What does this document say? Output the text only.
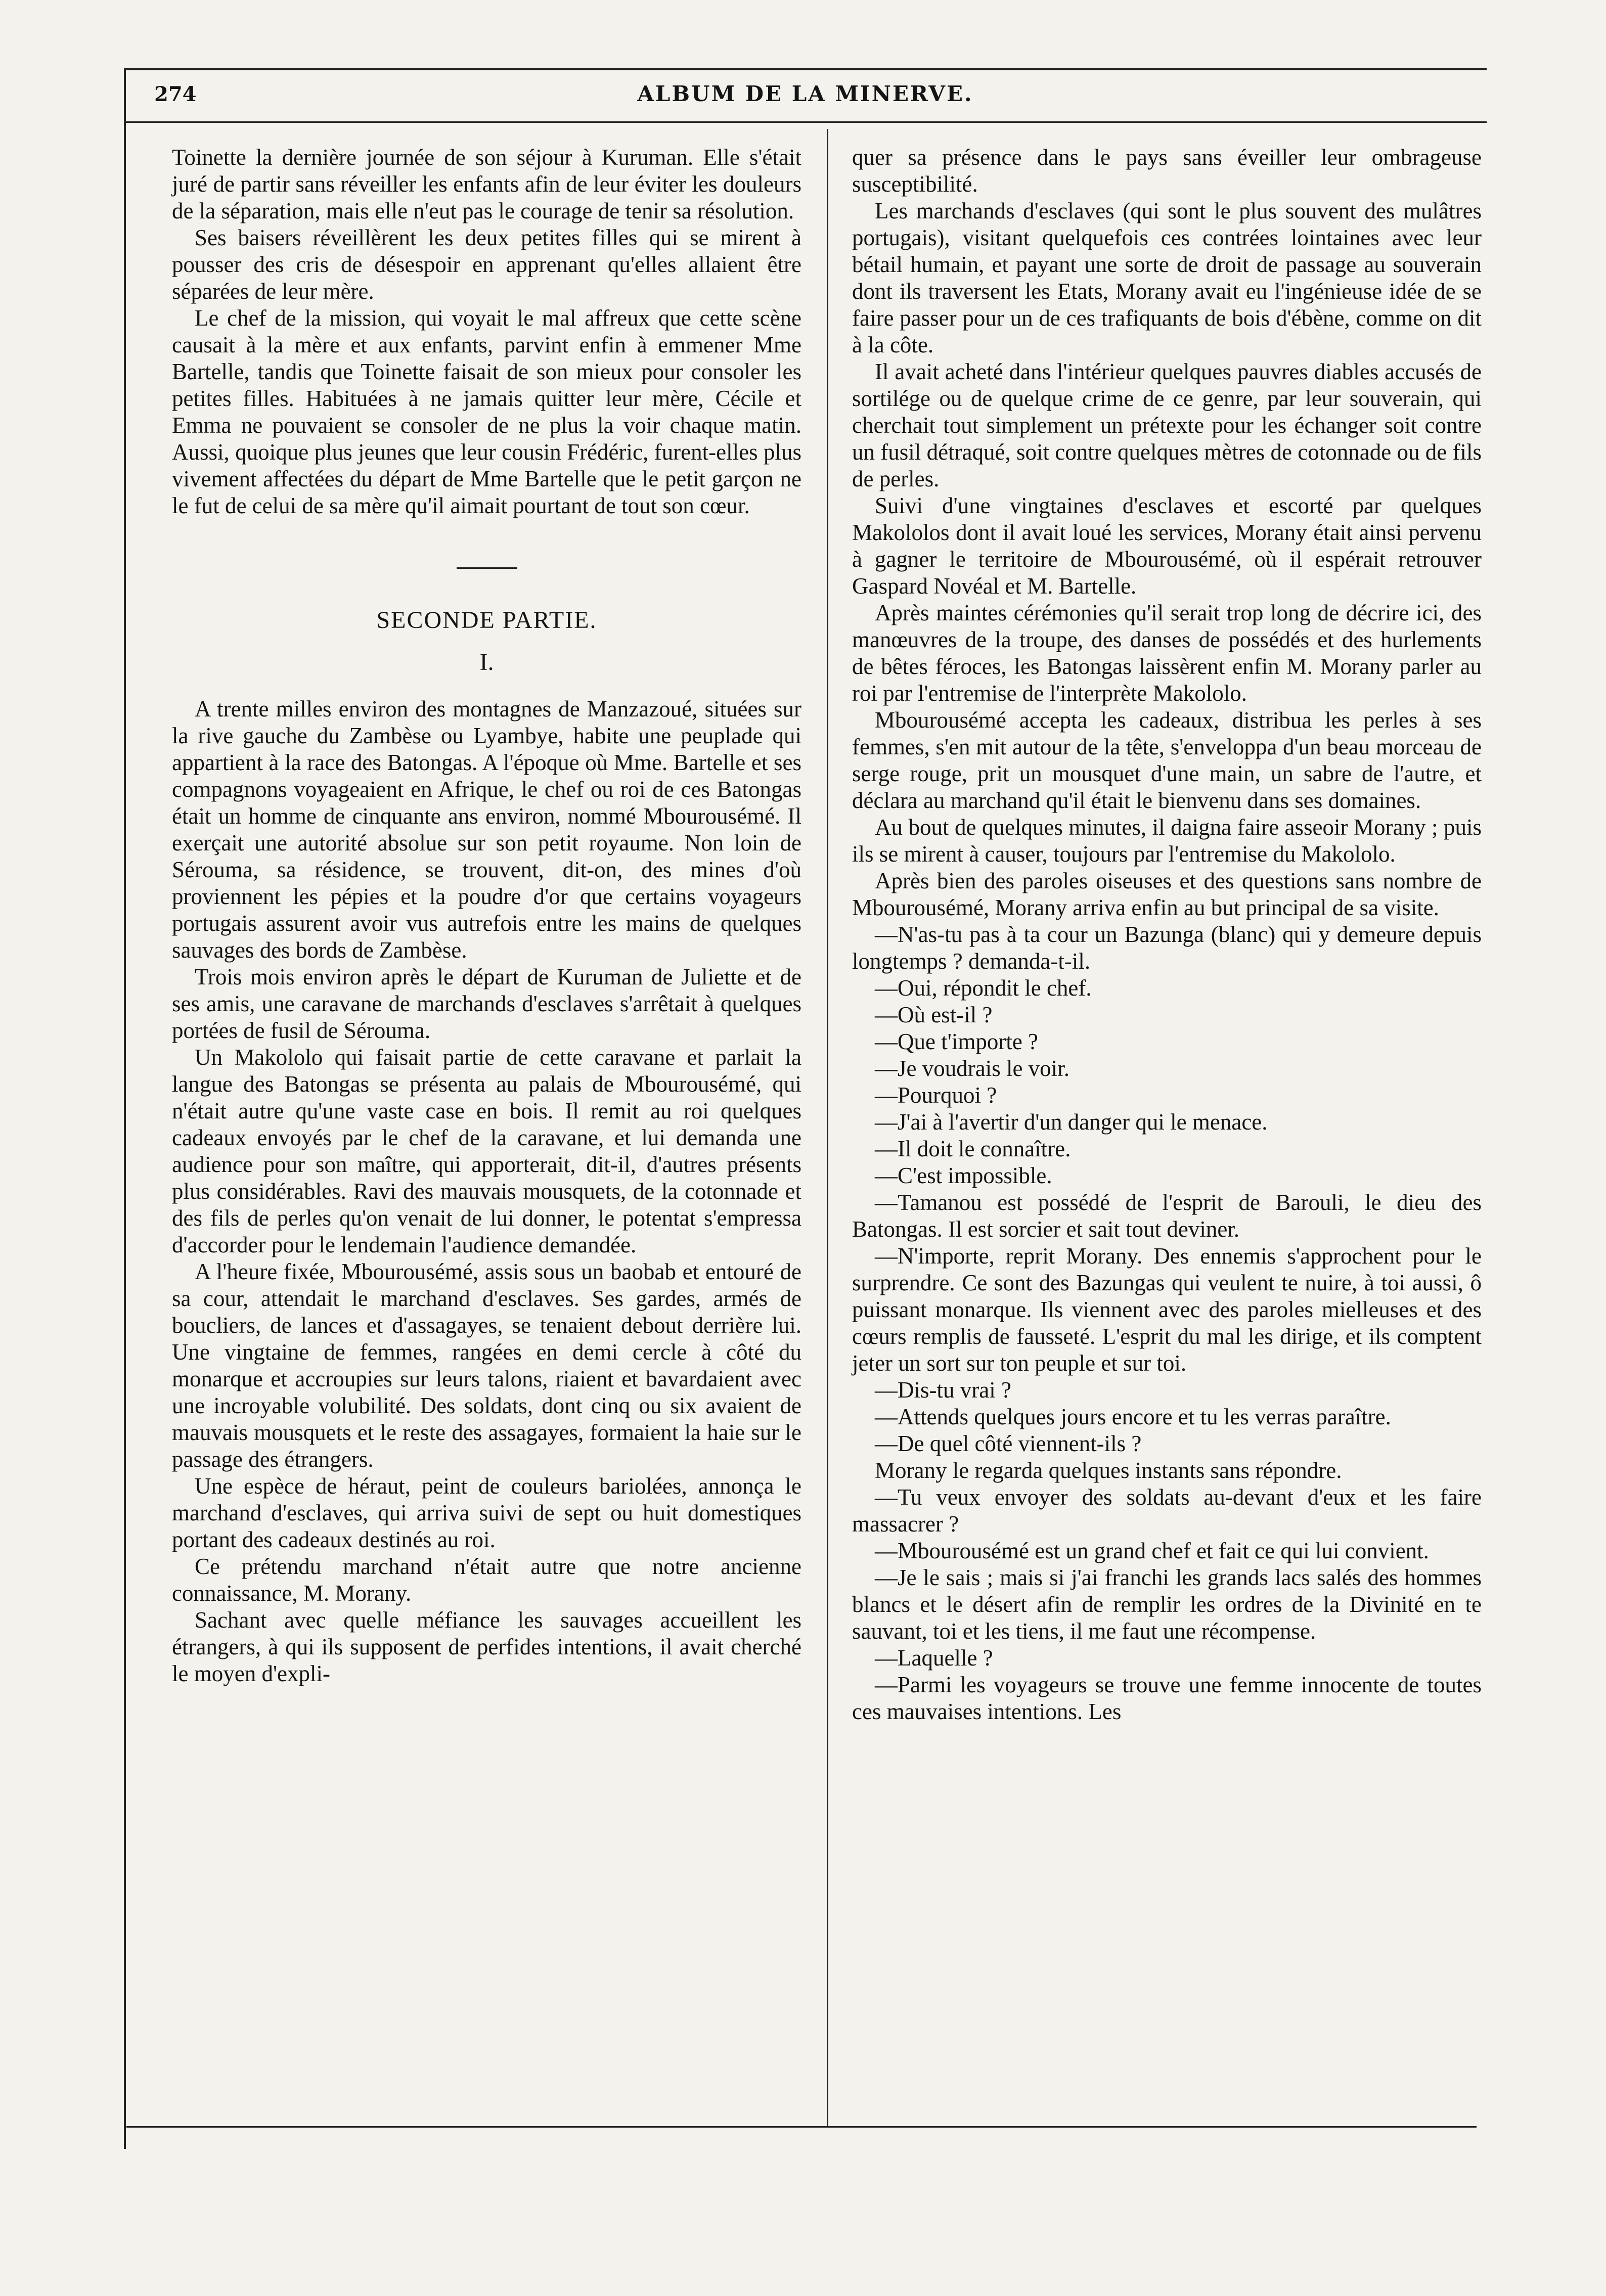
274	ALBUM DE LA MINERVE.

Toinette la dernière journée de son séjour à Kuruman. Elle s'était juré de partir sans réveiller les enfants afin de leur éviter les douleurs de la séparation, mais elle n'eut pas le courage de tenir sa résolution.

Ses baisers réveillèrent les deux petites filles qui se mirent à pousser des cris de désespoir en apprenant qu'elles allaient être séparées de leur mère.

Le chef de la mission, qui voyait le mal affreux que cette scène causait à la mère et aux enfants, parvint enfin à emmener Mme Bartelle, tandis que Toinette faisait de son mieux pour consoler les petites filles. Habituées à ne jamais quitter leur mère, Cécile et Emma ne pouvaient se consoler de ne plus la voir chaque matin. Aussi, quoique plus jeunes que leur cousin Frédéric, furent-elles plus vivement affectées du départ de Mme Bartelle que le petit garçon ne le fut de celui de sa mère qu'il aimait pourtant de tout son cœur.

SECONDE PARTIE.
I.

A trente milles environ des montagnes de Manzazoué, situées sur la rive gauche du Zambèse ou Lyambye, habite une peuplade qui appartient à la race des Batongas. A l'époque où Mme. Bartelle et ses compagnons voyageaient en Afrique, le chef ou roi de ces Batongas était un homme de cinquante ans environ, nommé Mbourousémé. Il exerçait une autorité absolue sur son petit royaume. Non loin de Sérouma, sa résidence, se trouvent, dit-on, des mines d'où proviennent les pépies et la poudre d'or que certains voyageurs portugais assurent avoir vus autrefois entre les mains de quelques sauvages des bords de Zambèse.

Trois mois environ après le départ de Kuruman de Juliette et de ses amis, une caravane de marchands d'esclaves s'arrêtait à quelques portées de fusil de Sérouma.

Un Makololo qui faisait partie de cette caravane et parlait la langue des Batongas se présenta au palais de Mbourousémé, qui n'était autre qu'une vaste case en bois. Il remit au roi quelques cadeaux envoyés par le chef de la caravane, et lui demanda une audience pour son maître, qui apporterait, dit-il, d'autres présents plus considérables. Ravi des mauvais mousquets, de la cotonnade et des fils de perles qu'on venait de lui donner, le potentat s'empressa d'accorder pour le lendemain l'audience demandée.

A l'heure fixée, Mbourousémé, assis sous un baobab et entouré de sa cour, attendait le marchand d'esclaves. Ses gardes, armés de boucliers, de lances et d'assagayes, se tenaient debout derrière lui. Une vingtaine de femmes, rangées en demi cercle à côté du monarque et accroupies sur leurs talons, riaient et bavardaient avec une incroyable volubilité. Des soldats, dont cinq ou six avaient de mauvais mousquets et le reste des assagayes, formaient la haie sur le passage des étrangers.

Une espèce de héraut, peint de couleurs bariolées, annonça le marchand d'esclaves, qui arriva suivi de sept ou huit domestiques portant des cadeaux destinés au roi.

Ce prétendu marchand n'était autre que notre ancienne connaissance, M. Morany.

Sachant avec quelle méfiance les sauvages accueillent les étrangers, à qui ils supposent de perfides intentions, il avait cherché le moyen d'expli-

quer sa présence dans le pays sans éveiller leur ombrageuse susceptibilité.

Les marchands d'esclaves (qui sont le plus souvent des mulâtres portugais), visitant quelquefois ces contrées lointaines avec leur bétail humain, et payant une sorte de droit de passage au souverain dont ils traversent les Etats, Morany avait eu l'ingénieuse idée de se faire passer pour un de ces trafiquants de bois d'ébène, comme on dit à la côte.

Il avait acheté dans l'intérieur quelques pauvres diables accusés de sortilége ou de quelque crime de ce genre, par leur souverain, qui cherchait tout simplement un prétexte pour les échanger soit contre un fusil détraqué, soit contre quelques mètres de cotonnade ou de fils de perles.

Suivi d'une vingtaines d'esclaves et escorté par quelques Makololos dont il avait loué les services, Morany était ainsi pervenu à gagner le territoire de Mbourousémé, où il espérait retrouver Gaspard Novéal et M. Bartelle.

Après maintes cérémonies qu'il serait trop long de décrire ici, des manœuvres de la troupe, des danses de possédés et des hurlements de bêtes féroces, les Batongas laissèrent enfin M. Morany parler au roi par l'entremise de l'interprète Makololo.

Mbourousémé accepta les cadeaux, distribua les perles à ses femmes, s'en mit autour de la tête, s'enveloppa d'un beau morceau de serge rouge, prit un mousquet d'une main, un sabre de l'autre, et déclara au marchand qu'il était le bienvenu dans ses domaines.

Au bout de quelques minutes, il daigna faire asseoir Morany ; puis ils se mirent à causer, toujours par l'entremise du Makololo.

Après bien des paroles oiseuses et des questions sans nombre de Mbourousémé, Morany arriva enfin au but principal de sa visite.

—N'as-tu pas à ta cour un Bazunga (blanc) qui y demeure depuis longtemps ? demanda-t-il.

—Oui, répondit le chef.

—Où est-il ?

—Que t'importe ?

—Je voudrais le voir.

—Pourquoi ?

—J'ai à l'avertir d'un danger qui le menace.

—Il doit le connaître.

—C'est impossible.

—Tamanou est possédé de l'esprit de Barouli, le dieu des Batongas. Il est sorcier et sait tout deviner.

—N'importe, reprit Morany. Des ennemis s'approchent pour le surprendre. Ce sont des Bazungas qui veulent te nuire, à toi aussi, ô puissant monarque. Ils viennent avec des paroles mielleuses et des cœurs remplis de fausseté. L'esprit du mal les dirige, et ils comptent jeter un sort sur ton peuple et sur toi.

—Dis-tu vrai ?

—Attends quelques jours encore et tu les verras paraître.

—De quel côté viennent-ils ?

Morany le regarda quelques instants sans répondre.

—Tu veux envoyer des soldats au-devant d'eux et les faire massacrer ?

—Mbourousémé est un grand chef et fait ce qui lui convient.

—Je le sais ; mais si j'ai franchi les grands lacs salés des hommes blancs et le désert afin de remplir les ordres de la Divinité en te sauvant, toi et les tiens, il me faut une récompense.

—Laquelle ?

—Parmi les voyageurs se trouve une femme innocente de toutes ces mauvaises intentions. Les
